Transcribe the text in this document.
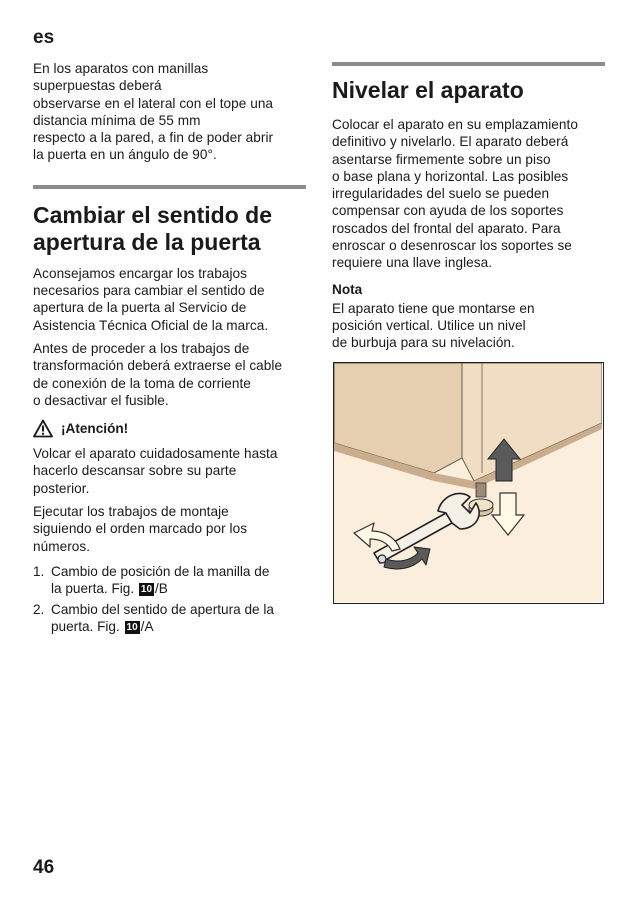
es

En los aparatos con manillas
superpuestas deberá
observarse en el lateral con el tope una
distancia mínima de 55 mm
respecto a la pared, a fin de poder abrir
la puerta en un ángulo de 90°.

Cambiar el sentido de
apertura de la puerta

Aconsejamos encargar los trabajos
necesarios para cambiar el sentido de
apertura de la puerta al Servicio de
Asistencia Técnica Oficial de la marca.

Antes de proceder a los trabajos de
transformación deberá extraerse el cable
de conexión de la toma de corriente
o desactivar el fusible.

¡Atención!

Volcar el aparato cuidadosamente hasta
hacerlo descansar sobre su parte
posterior.

Ejecutar los trabajos de montaje
siguiendo el orden marcado por los
números.

1. Cambio de posición de la manilla de
la puerta. Fig. 10 /B
2. Cambio del sentido de apertura de la
puerta. Fig. 10 /A
Nivelar el aparato

Colocar el aparato en su emplazamiento
definitivo y nivelarlo. El aparato deberá
asentarse firmemente sobre un piso
o base plana y horizontal. Las posibles
irregularidades del suelo se pueden
compensar con ayuda de los soportes
roscados del frontal del aparato. Para
enroscar o desenroscar los soportes se
requiere una llave inglesa.

Nota

El aparato tiene que montarse en
posición vertical. Utilice un nivel
de burbuja para su nivelación.

46
